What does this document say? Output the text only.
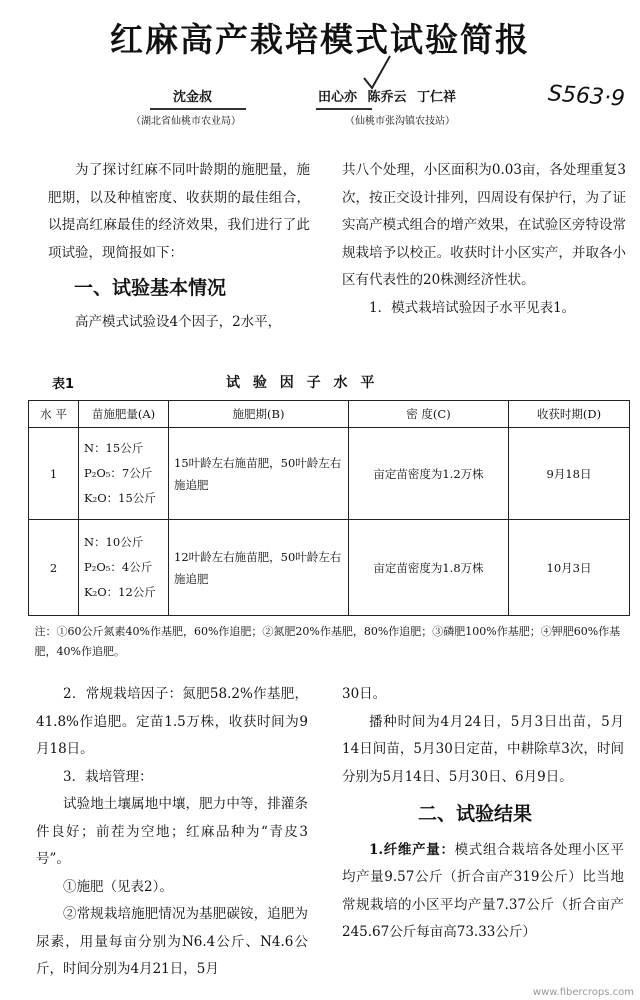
红麻高产栽培模式试验简报
沈金叔
（湖北省仙桃市农业局）
田心亦 陈乔云 丁仁祥
（仙桃市张沟镇农技站）
S563·9

为了探讨红麻不同叶龄期的施肥量，施肥期，以及种植密度、收获期的最佳组合，以提高红麻最佳的经济效果，我们进行了此项试验，现简报如下：

一、试验基本情况

高产模式试验设4个因子，2水平，

共八个处理，小区面积为0.03亩，各处理重复3次，按正交设计排列，四周设有保护行，为了证实高产模式组合的增产效果，在试验区旁特设常规栽培予以校正。收获时计小区实产，并取各小区有代表性的20株测经济性状。

1．模式栽培试验因子水平见表1。

表1	试 验 因 子 水 平
水 平	苗施肥量(A)	施肥期(B)	密 度(C)	收获时期(D)
1	N：15公斤
P₂O₅：7公斤
K₂O：15公斤	15叶龄左右施苗肥，50叶龄左右施追肥	亩定苗密度为1.2万株	9月18日
2	N：10公斤
P₂O₅：4公斤
K₂O：12公斤	12叶龄左右施苗肥，50叶龄左右施追肥	亩定苗密度为1.8万株	10月3日
注：①60公斤氮素40%作基肥，60%作追肥；②氮肥20%作基肥，80%作追肥；③磷肥100%作基肥；④钾肥60%作基肥，40%作追肥。				

2．常规栽培因子：氮肥58.2%作基肥，41.8%作追肥。定苗1.5万株，收获时间为9月18日。

3．栽培管理：

试验地土壤属地中壤，肥力中等，排灌条件良好；前茬为空地；红麻品种为“青皮3号”。

①施肥（见表2）。

②常规栽培施肥情况为基肥碳铵，追肥为尿素，用量每亩分别为N6.4公斤、N4.6公斤，时间分别为4月21日，5月

30日。

播种时间为4月24日，5月3日出苗，5月14日间苗，5月30日定苗，中耕除草3次，时间分别为5月14日、5月30日、6月9日。

二、试验结果

1.纤维产量：模式组合栽培各处理小区平均产量9.57公斤（折合亩产319公斤）比当地常规栽培的小区平均产量7.37公斤（折合亩产245.67公斤每亩高73.33公斤）

www.fibercrops.com
